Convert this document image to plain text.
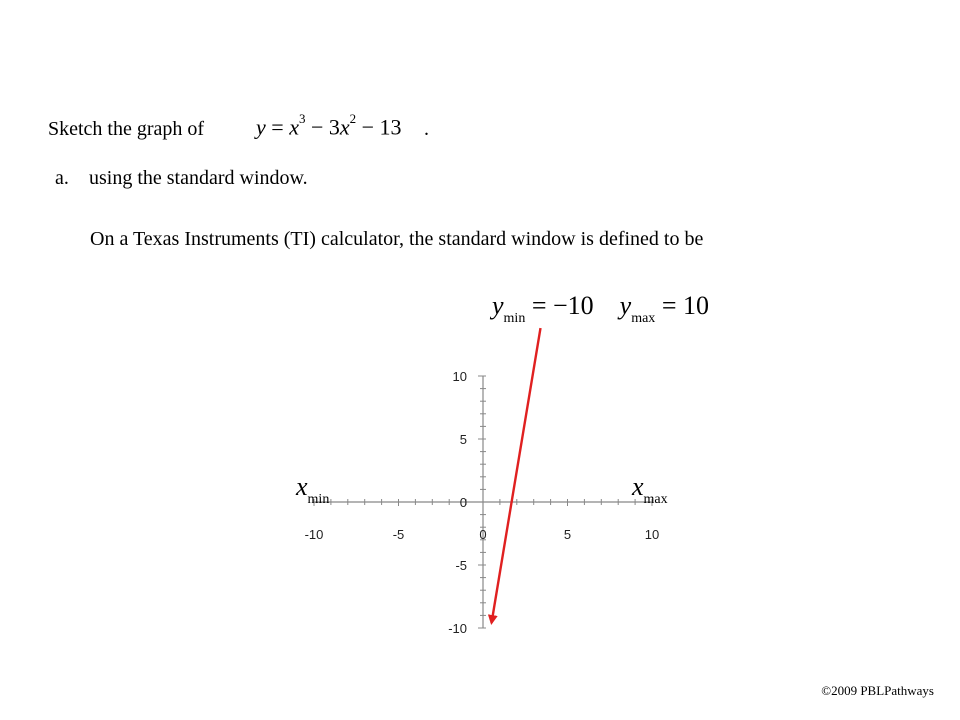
Sketch the graph of $y = x^3 - 3x^2 - 13$ .
a. using the standard window.
On a Texas Instruments (TI) calculator, the standard window is defined to be
$y_{min} = -10$ $y_{max} = 10$
-10	-5	0	5	10
10
5
0
-5
-10
$x_{min}$	$x_{max}$
©2009 PBLPathways
